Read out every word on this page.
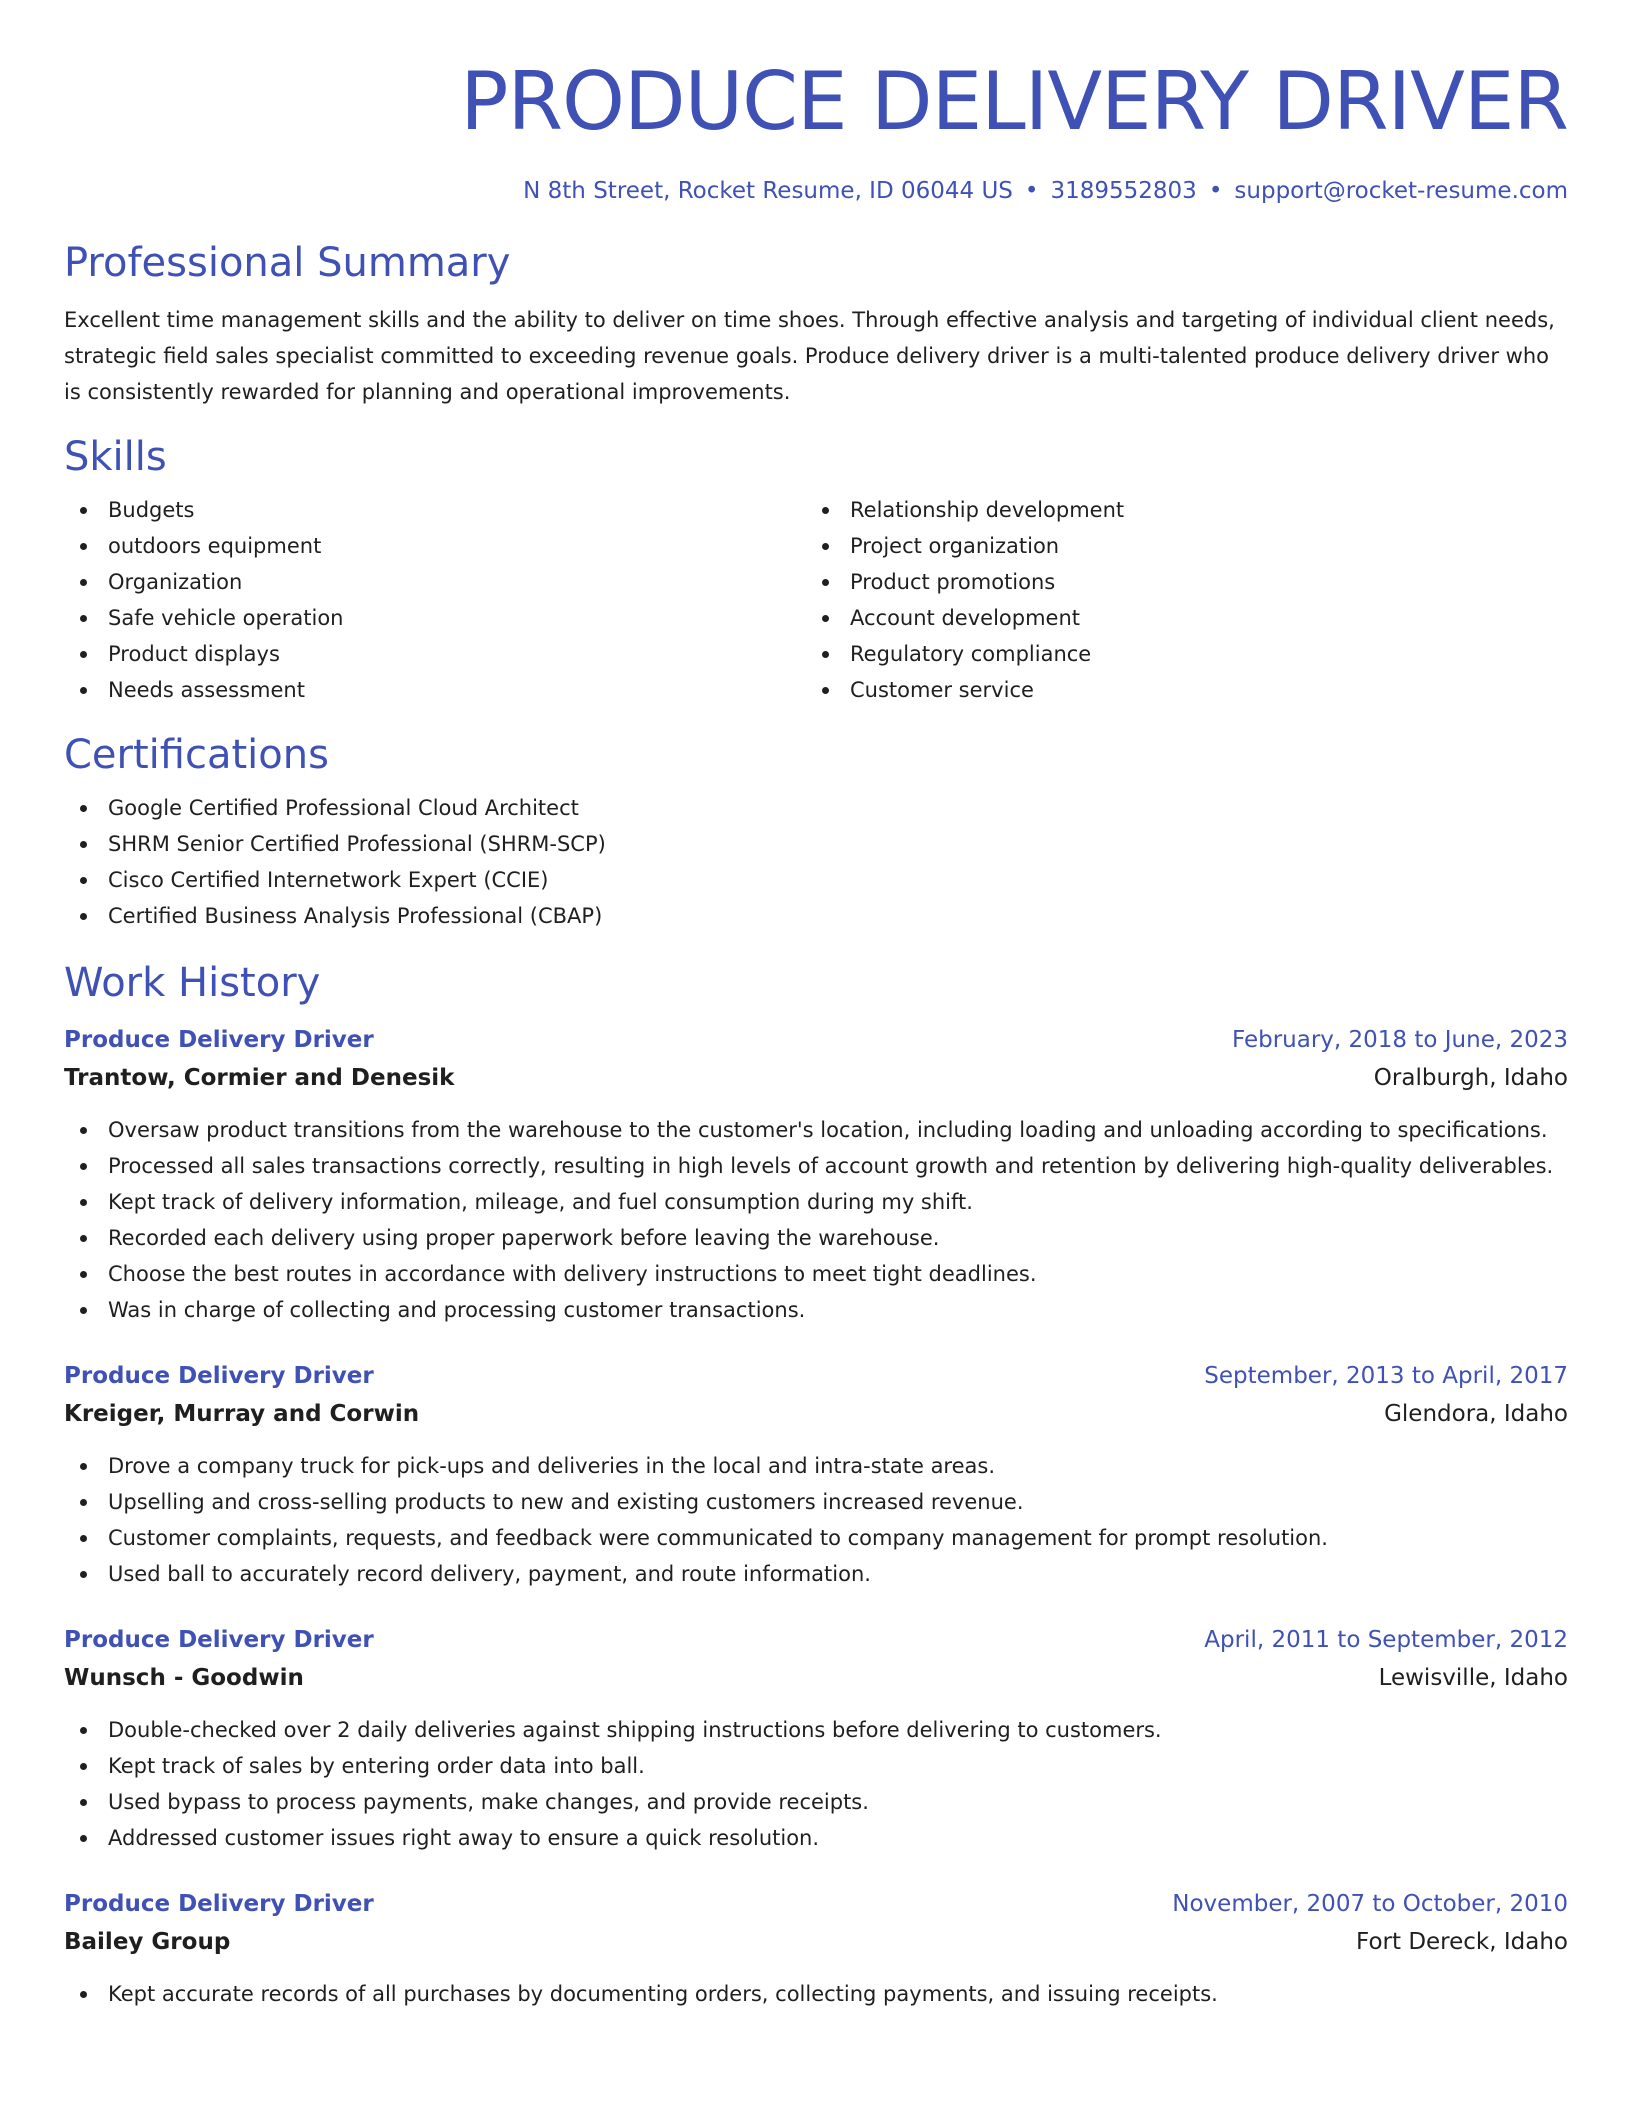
PRODUCE DELIVERY DRIVER
N 8th Street, Rocket Resume, ID 06044 US • 3189552803 • support@rocket-resume.com
Professional Summary

Excellent time management skills and the ability to deliver on time shoes. Through effective analysis and targeting of individual client needs, strategic field sales specialist committed to exceeding revenue goals. Produce delivery driver is a multi-talented produce delivery driver who is consistently rewarded for planning and operational improvements.

Skills
Budgets
outdoors equipment
Organization
Safe vehicle operation
Product displays
Needs assessment
Relationship development
Project organization
Product promotions
Account development
Regulatory compliance
Customer service
Certifications
Google Certified Professional Cloud Architect
SHRM Senior Certified Professional (SHRM-SCP)
Cisco Certified Internetwork Expert (CCIE)
Certified Business Analysis Professional (CBAP)
Work History
Produce Delivery Driver	February, 2018 to June, 2023
Trantow, Cormier and Denesik	Oralburgh, Idaho
Oversaw product transitions from the warehouse to the customer's location, including loading and unloading according to specifications.
Processed all sales transactions correctly, resulting in high levels of account growth and retention by delivering high-quality deliverables.
Kept track of delivery information, mileage, and fuel consumption during my shift.
Recorded each delivery using proper paperwork before leaving the warehouse.
Choose the best routes in accordance with delivery instructions to meet tight deadlines.
Was in charge of collecting and processing customer transactions.
Produce Delivery Driver	September, 2013 to April, 2017
Kreiger, Murray and Corwin	Glendora, Idaho
Drove a company truck for pick-ups and deliveries in the local and intra-state areas.
Upselling and cross-selling products to new and existing customers increased revenue.
Customer complaints, requests, and feedback were communicated to company management for prompt resolution.
Used ball to accurately record delivery, payment, and route information.
Produce Delivery Driver	April, 2011 to September, 2012
Wunsch - Goodwin	Lewisville, Idaho
Double-checked over 2 daily deliveries against shipping instructions before delivering to customers.
Kept track of sales by entering order data into ball.
Used bypass to process payments, make changes, and provide receipts.
Addressed customer issues right away to ensure a quick resolution.
Produce Delivery Driver	November, 2007 to October, 2010
Bailey Group	Fort Dereck, Idaho
Kept accurate records of all purchases by documenting orders, collecting payments, and issuing receipts.
